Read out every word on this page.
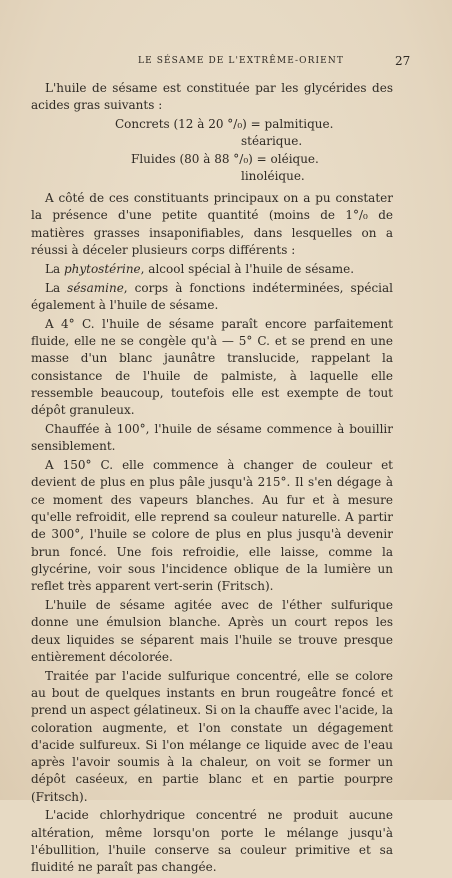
LE SÉSAME DE L'EXTRÊME-ORIENT	27

L'huile de sésame est constituée par les glycérides des acides gras suivants :

Concrets (12 à 20 °/₀) = palmitique.
stéarique.
Fluides (80 à 88 °/₀) = oléique.
linoléique.

A côté de ces constituants principaux on a pu constater la présence d'une petite quantité (moins de 1°/₀ de matières grasses insaponifiables, dans lesquelles on a réussi à déceler plusieurs corps différents :

La phytostérine, alcool spécial à l'huile de sésame.

La sésamine, corps à fonctions indéterminées, spécial également à l'huile de sésame.

A 4° C. l'huile de sésame paraît encore parfaitement fluide, elle ne se congèle qu'à — 5° C. et se prend en une masse d'un blanc jaunâtre translucide, rappelant la consistance de l'huile de palmiste, à laquelle elle ressemble beaucoup, toutefois elle est exempte de tout dépôt granuleux.

Chauffée à 100°, l'huile de sésame commence à bouillir sensiblement.

A 150° C. elle commence à changer de couleur et devient de plus en plus pâle jusqu'à 215°. Il s'en dégage à ce moment des vapeurs blanches. Au fur et à mesure qu'elle refroidit, elle reprend sa couleur naturelle. A partir de 300°, l'huile se colore de plus en plus jusqu'à devenir brun foncé. Une fois refroidie, elle laisse, comme la glycérine, voir sous l'incidence oblique de la lumière un reflet très apparent vert-serin (Fritsch).

L'huile de sésame agitée avec de l'éther sulfurique donne une émulsion blanche. Après un court repos les deux liquides se séparent mais l'huile se trouve presque entièrement décolorée.

Traitée par l'acide sulfurique concentré, elle se colore au bout de quelques instants en brun rougeâtre foncé et prend un aspect gélatineux. Si on la chauffe avec l'acide, la coloration augmente, et l'on constate un dégagement d'acide sulfureux. Si l'on mélange ce liquide avec de l'eau après l'avoir soumis à la chaleur, on voit se former un dépôt caséeux, en partie blanc et en partie pourpre (Fritsch).

L'acide chlorhydrique concentré ne produit aucune altération, même lorsqu'on porte le mélange jusqu'à l'ébullition, l'huile conserve sa couleur primitive et sa fluidité ne paraît pas changée.
